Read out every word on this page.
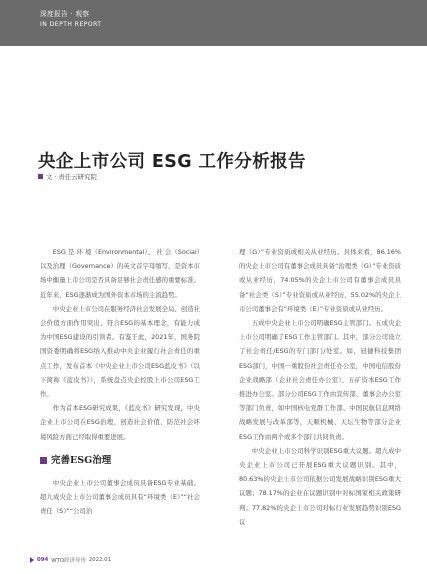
深度报告 · 观察
IN DEPTH REPORT
央企上市公司 ESG 工作分析报告
文 · 责任云研究院

ESG 是 环 境（Environmental）、 社 会（Social）以及治理（Governance）的英文首字母缩写，是资本市场中衡量上市公司是否具备足够社会责任感的重要标准。近年来，ESG逐渐成为国外资本市场的主流趋势。

中央企业上市公司在服务经济社会发展全局、创造社会价值方面作用突出，符合ESG的基本理念，有能力成为中国ESG建设的引领者。有鉴于此，2021年，国务院国资委明确将ESG纳入推动中央企业履行社会责任的重点工作，发布首本《中央企业上市公司ESG蓝皮书》（以下简称《蓝皮书》），系统盘点央企控股上市公司ESG工作。

作为首本ESG研究成果，《蓝皮书》研究发现，中央企业上市公司在ESG治理、创造社会价值、防范社会环境风险方面已经取得重要进展。

完善ESG治理

中央企业上市公司董事会成员具备ESG专业基础。超九成央企上市公司董事会成员具有“环境类（E）”“社会责任（S）”“公司治

理（G）”专业资质或相关从业经历。具体来看，86.16%的央企上市公司有董事会成员具备“治理类（G）”专业资质或从业经历，74.05%的央企上市公司有董事会成员具备“社会类（S）”专业资质或从业经历，55.02%的央企上市公司董事会有“环境类（E）”专业资质或从业经历。

五成中央企业上市公司明确ESG主管部门。五成央企上市公司明确了ESG工作主管部门。其中，部分公司设立了社会责任/ESG的专门部门/处室。如，冠捷科技集团ESG部门，中国一重股份社会责任办公室，中国电信股份企业战略部（企业社会责任办公室）、五矿资本ESG工作推进办公室。部分公司ESG工作由宣传部、董事会办公室等部门负责，如中国核电党群工作部、中国民航信息网络战略发展与改革部等，天顺机械、天坛生物等部分企业ESG工作由两个或多个部门共同负责。

中央企业上市公司科学识别ESG重大议题。超九成中央企业上市公司已开展ESG重大议题识别。其中，80.63%的央企上市公司依据公司发展战略识别ESG重大议题；78.17%的企业在议题识别中对标国家相关政策研判；77.82%的央企上市公司对标行业发展趋势识别ESG议

094 WTO经济导刊 2022.01
